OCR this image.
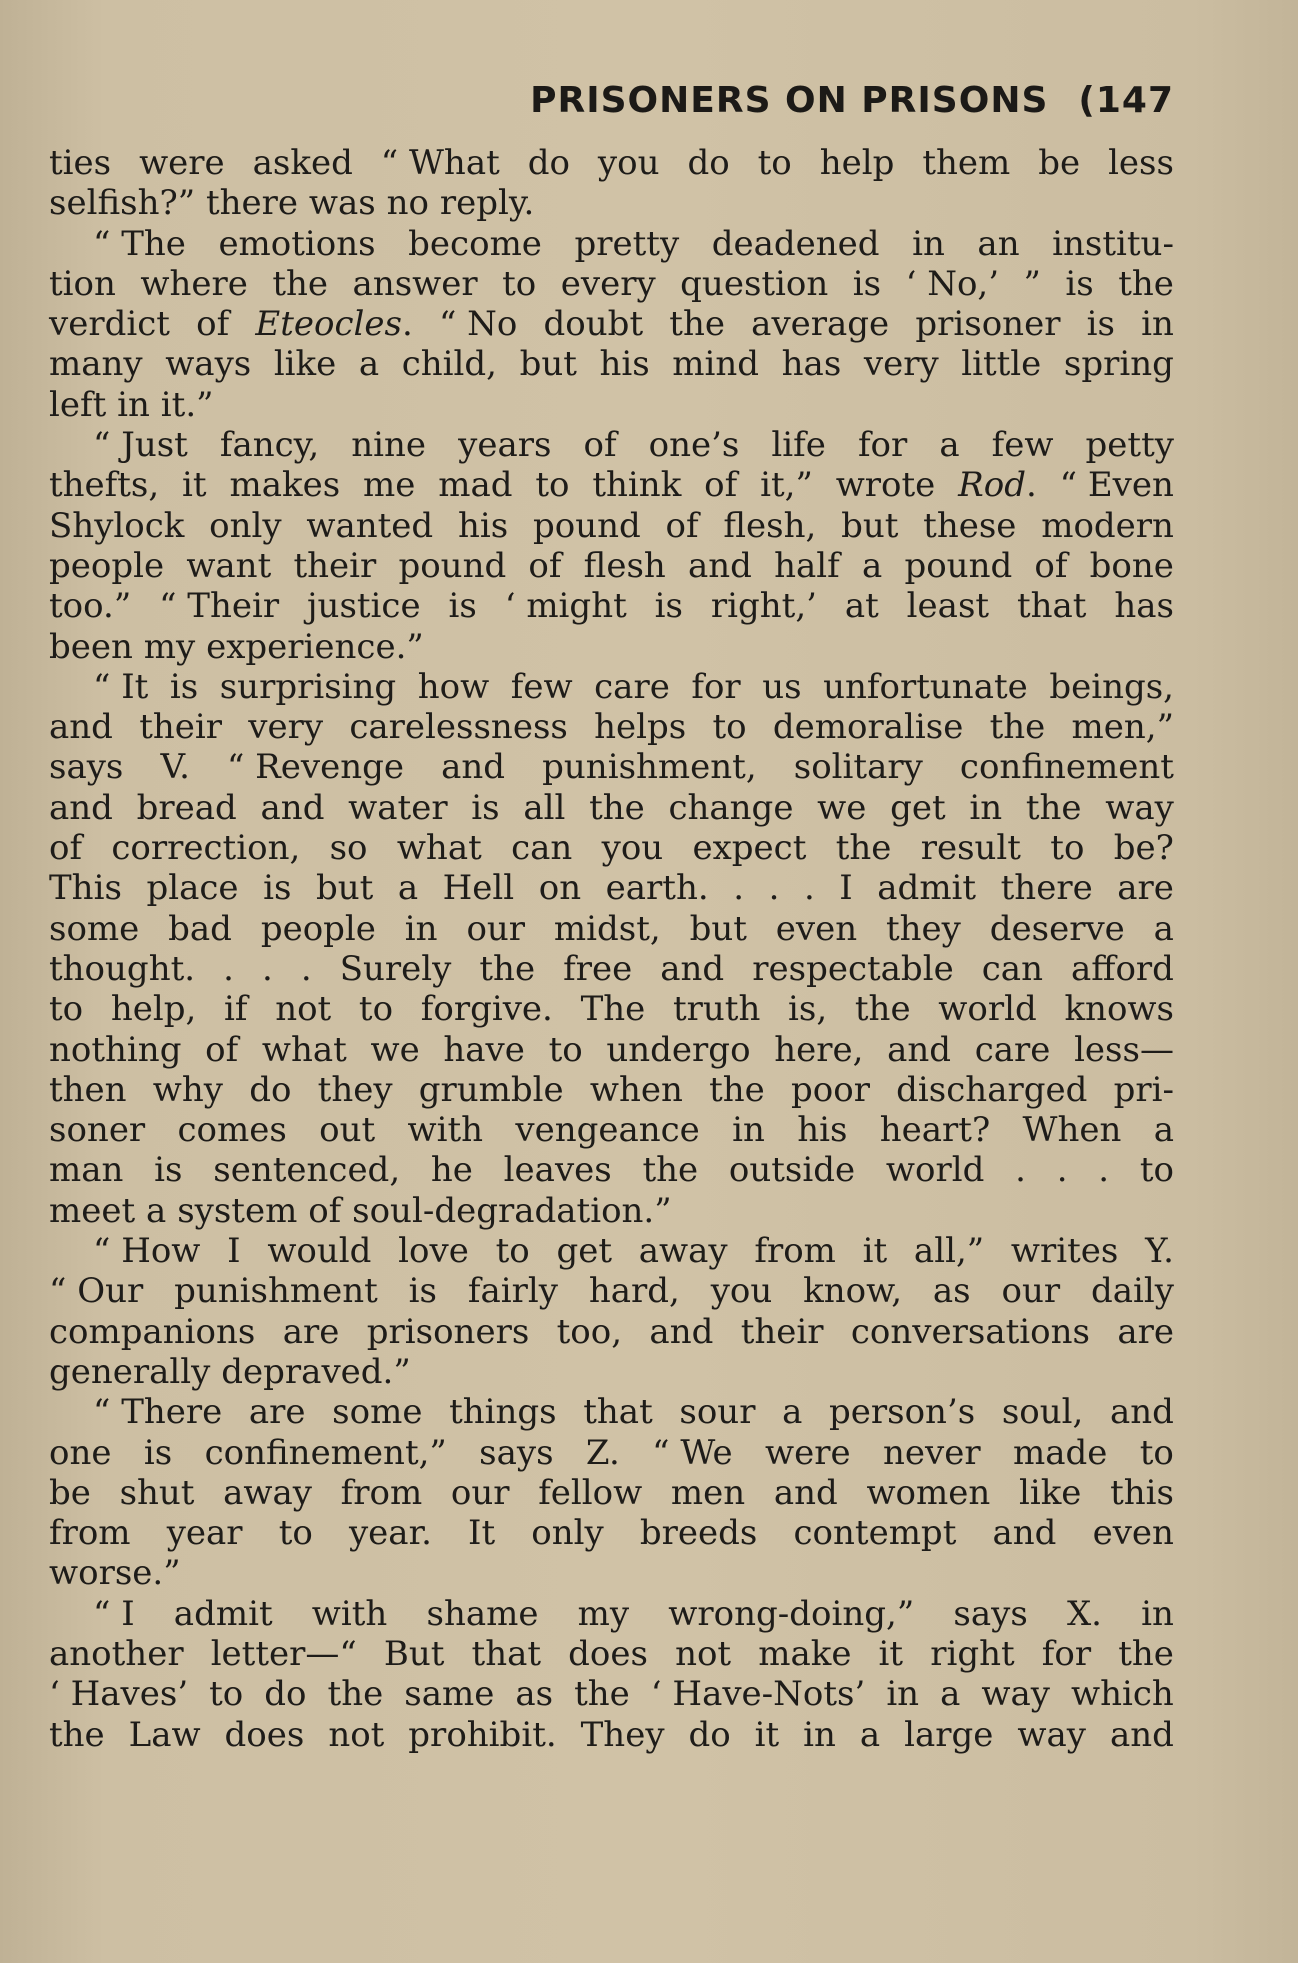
PRISONERS ON PRISONS (147
ties were asked “ What do you do to help them be less
selfish?” there was no reply.
“ The emotions become pretty deadened in an institu-
tion where the answer to every question is ‘ No,’ ” is the
verdict of Eteocles. “ No doubt the average prisoner is in
many ways like a child, but his mind has very little spring
left in it.”
“ Just fancy, nine years of one’s life for a few petty
thefts, it makes me mad to think of it,” wrote Rod. “ Even
Shylock only wanted his pound of flesh, but these modern
people want their pound of flesh and half a pound of bone
too.” “ Their justice is ‘ might is right,’ at least that has
been my experience.”
“ It is surprising how few care for us unfortunate beings,
and their very carelessness helps to demoralise the men,”
says V. “ Revenge and punishment, solitary confinement
and bread and water is all the change we get in the way
of correction, so what can you expect the result to be?
This place is but a Hell on earth. . . . I admit there are
some bad people in our midst, but even they deserve a
thought. . . . Surely the free and respectable can afford
to help, if not to forgive. The truth is, the world knows
nothing of what we have to undergo here, and care less—
then why do they grumble when the poor discharged pri-
soner comes out with vengeance in his heart? When a
man is sentenced, he leaves the outside world . . . to
meet a system of soul-degradation.”
“ How I would love to get away from it all,” writes Y.
“ Our punishment is fairly hard, you know, as our daily
companions are prisoners too, and their conversations are
generally depraved.”
“ There are some things that sour a person’s soul, and
one is confinement,” says Z. “ We were never made to
be shut away from our fellow men and women like this
from year to year. It only breeds contempt and even
worse.”
“ I admit with shame my wrong-doing,” says X. in
another letter—“ But that does not make it right for the
‘ Haves’ to do the same as the ‘ Have-Nots’ in a way which
the Law does not prohibit. They do it in a large way and
